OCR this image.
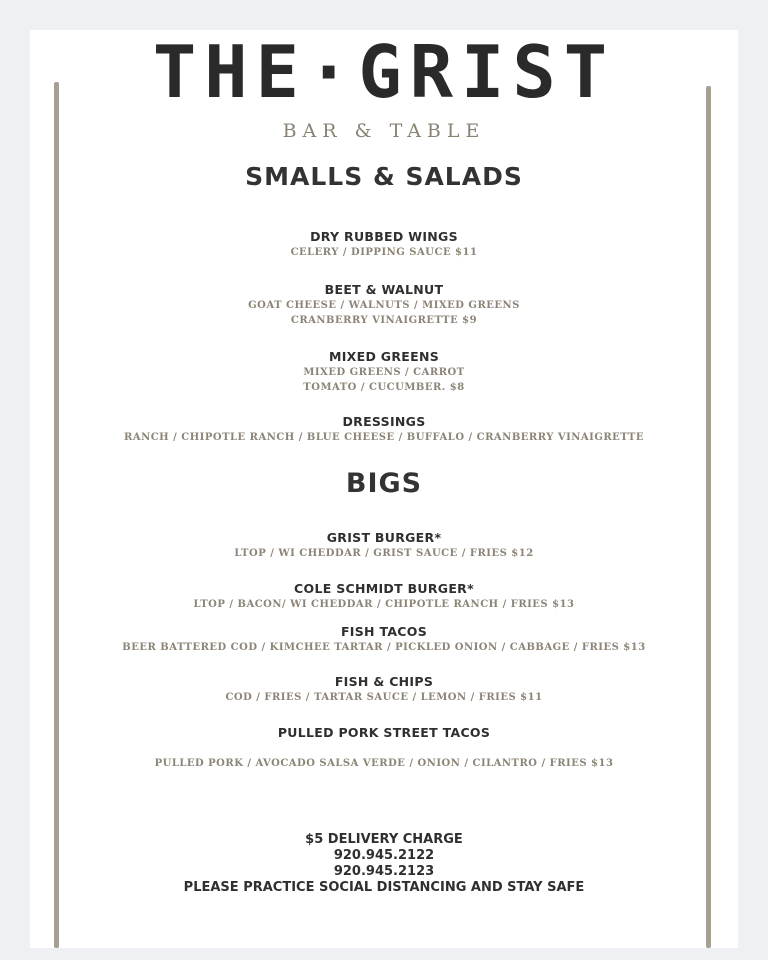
THE·GRIST
BAR & TABLE
SMALLS & SALADS
DRY RUBBED WINGS
CELERY / DIPPING SAUCE $11
BEET & WALNUT
GOAT CHEESE / WALNUTS / MIXED GREENS
CRANBERRY VINAIGRETTE $9
MIXED GREENS
MIXED GREENS / CARROT
TOMATO / CUCUMBER. $8
DRESSINGS
RANCH / CHIPOTLE RANCH / BLUE CHEESE / BUFFALO / CRANBERRY VINAIGRETTE
BIGS
GRIST BURGER*
LTOP / WI CHEDDAR / GRIST SAUCE / FRIES $12
COLE SCHMIDT BURGER*
LTOP / BACON/ WI CHEDDAR / CHIPOTLE RANCH / FRIES $13
FISH TACOS
BEER BATTERED COD / KIMCHEE TARTAR / PICKLED ONION / CABBAGE / FRIES $13
FISH & CHIPS
COD / FRIES / TARTAR SAUCE / LEMON / FRIES $11
PULLED PORK STREET TACOS
PULLED PORK / AVOCADO SALSA VERDE / ONION / CILANTRO / FRIES $13
$5 DELIVERY CHARGE
920.945.2122
920.945.2123
PLEASE PRACTICE SOCIAL DISTANCING AND STAY SAFE
